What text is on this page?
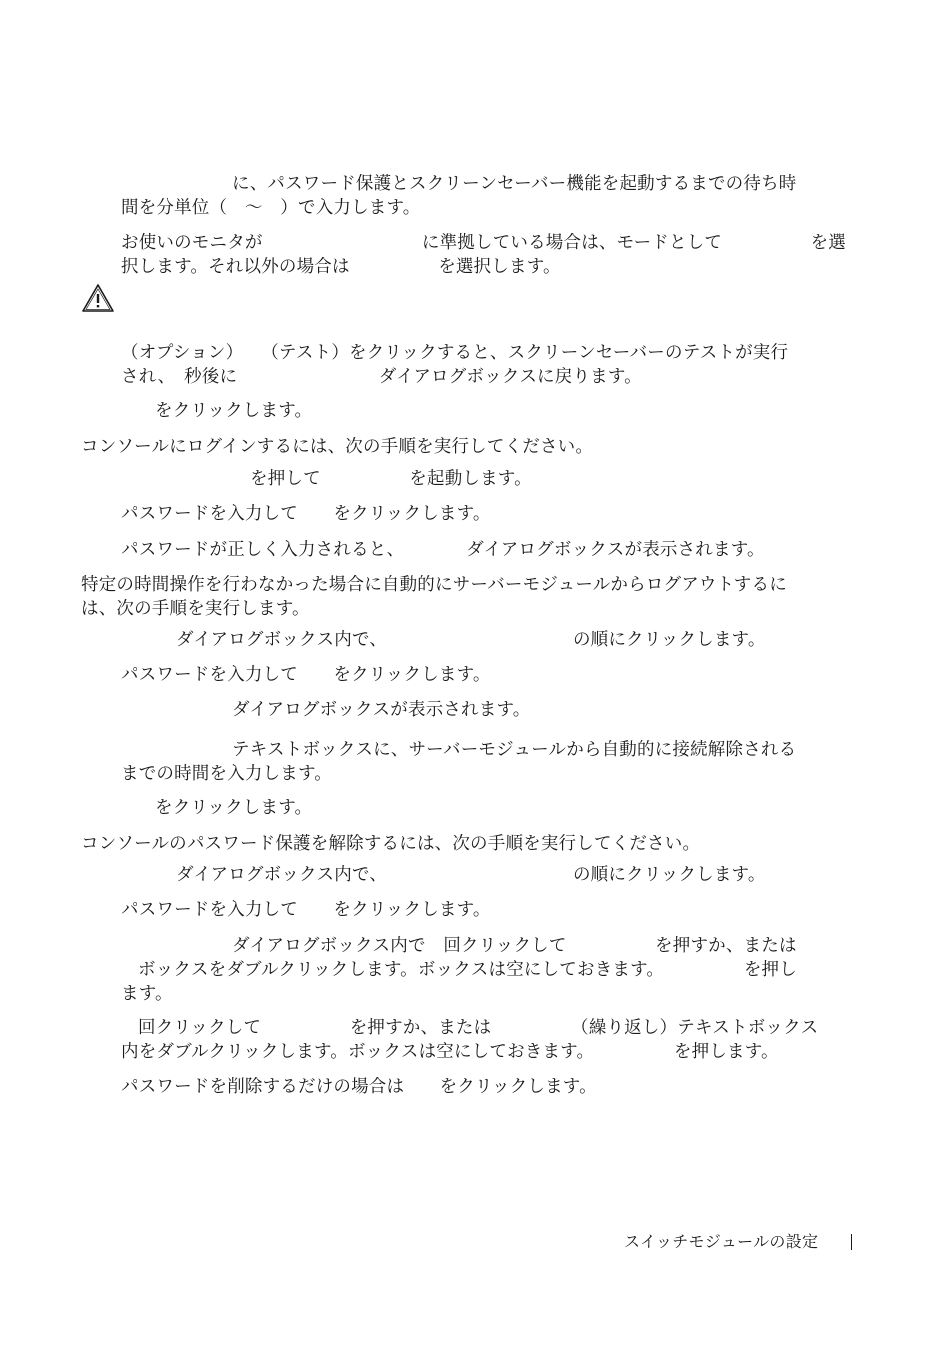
に、パスワード保護とスクリーンセーバー機能を起動するまでの待ち時
間を分単位（　～　）で入力します。
お使いのモニタが　　　　　　　　　に準拠している場合は、モードとして　　　　　を選
択します。それ以外の場合は　　　　　を選択します。
（オプション）　　（テスト）をクリックすると、スクリーンセーバーのテストが実行
され、　秒後に　　　　　　　　ダイアログボックスに戻ります。
をクリックします。
コンソールにログインするには、次の手順を実行してください。
を押して　　　　　を起動します。
パスワードを入力して　　をクリックします。
パスワードが正しく入力されると、　　　　ダイアログボックスが表示されます。
特定の時間操作を行わなかった場合に自動的にサーバーモジュールからログアウトするに
は、次の手順を実行します。
ダイアログボックス内で、　　　　　　　　　　　の順にクリックします。
パスワードを入力して　　をクリックします。
ダイアログボックスが表示されます。
テキストボックスに、サーバーモジュールから自動的に接続解除される
までの時間を入力します。
をクリックします。
コンソールのパスワード保護を解除するには、次の手順を実行してください。
ダイアログボックス内で、　　　　　　　　　　　の順にクリックします。
パスワードを入力して　　をクリックします。
ダイアログボックス内で　回クリックして　　　　　を押すか、または
ボックスをダブルクリックします。ボックスは空にしておきます。　　　　　を押し
ます。
回クリックして　　　　　を押すか、または　　　　　（繰り返し）テキストボックス
内をダブルクリックします。ボックスは空にしておきます。　　　　　を押します。
パスワードを削除するだけの場合は　　をクリックします。
スイッチモジュールの設定
